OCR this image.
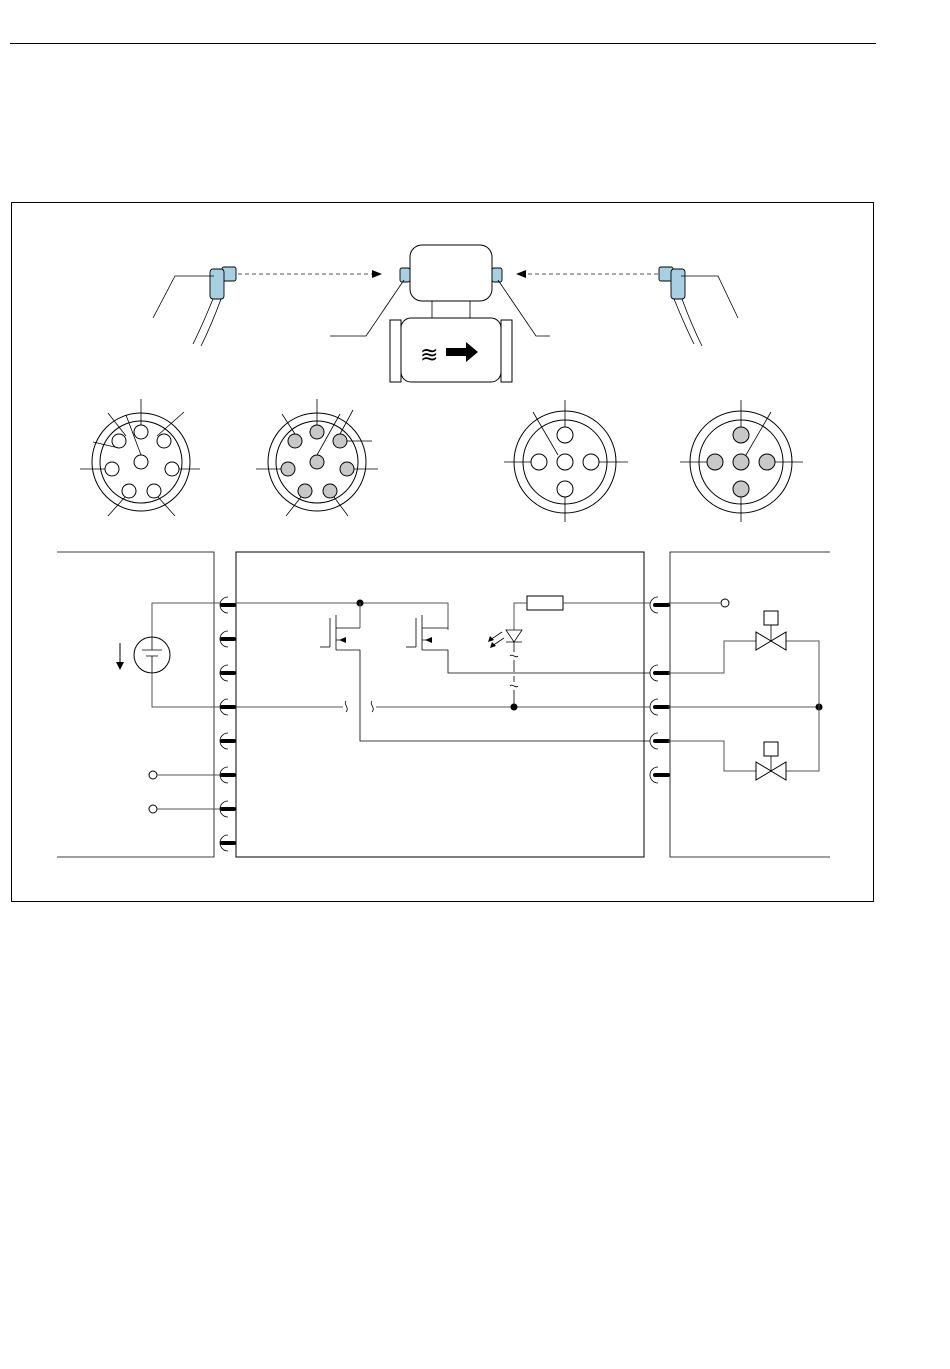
≋
